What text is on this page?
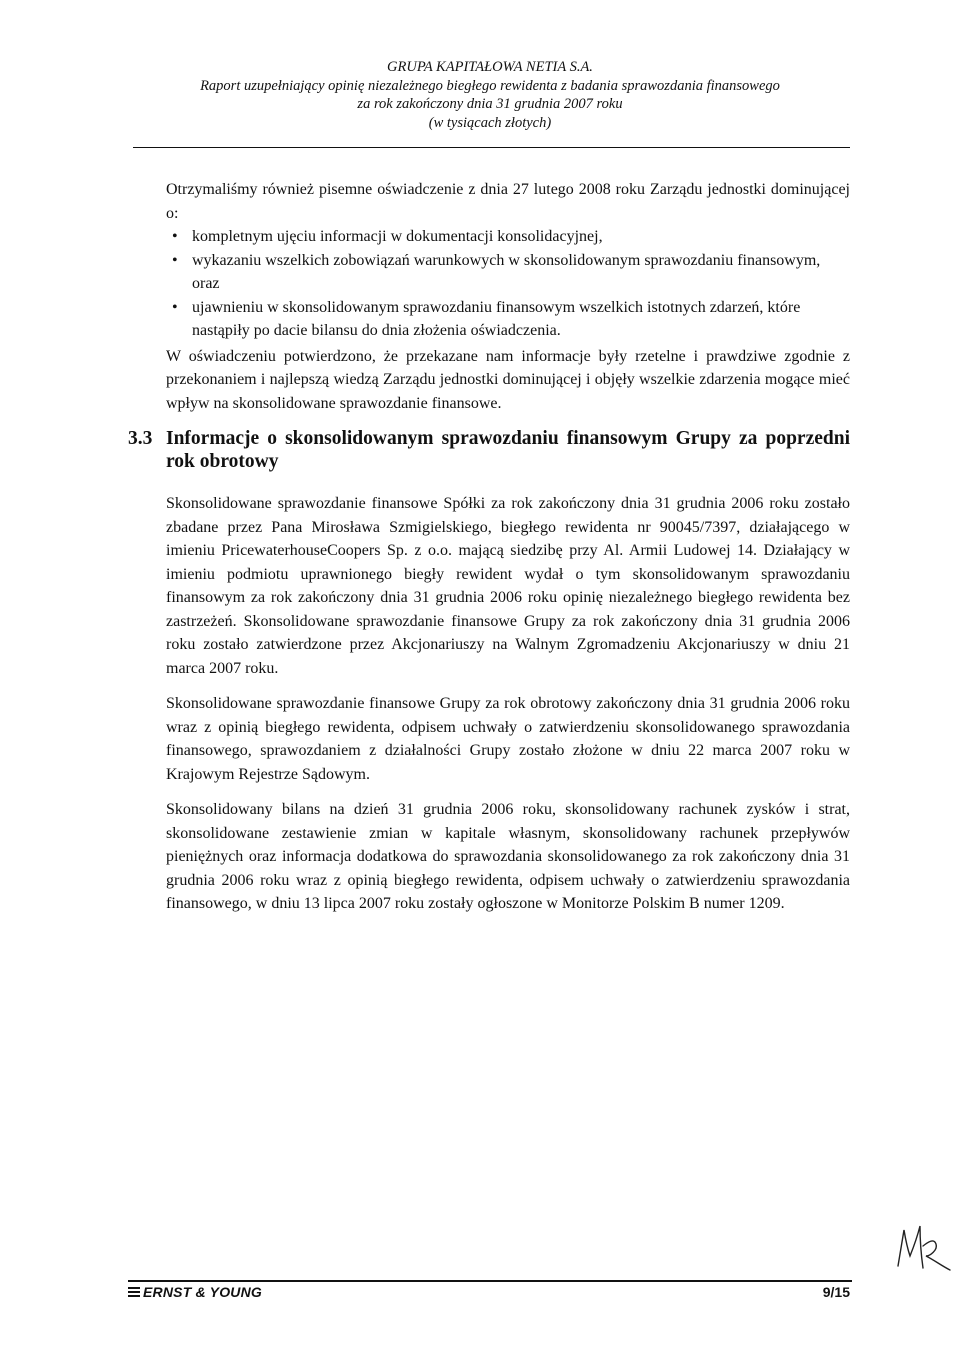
GRUPA KAPITAŁOWA NETIA S.A.
Raport uzupełniający opinię niezależnego biegłego rewidenta z badania sprawozdania finansowego
za rok zakończony dnia 31 grudnia 2007 roku
(w tysiącach złotych)

Otrzymaliśmy również pisemne oświadczenie z dnia 27 lutego 2008 roku Zarządu jednostki dominującej o:

• kompletnym ujęciu informacji w dokumentacji konsolidacyjnej,
• wykazaniu wszelkich zobowiązań warunkowych w skonsolidowanym sprawozdaniu finansowym, oraz
• ujawnieniu w skonsolidowanym sprawozdaniu finansowym wszelkich istotnych zdarzeń, które nastąpiły po dacie bilansu do dnia złożenia oświadczenia.

W oświadczeniu potwierdzono, że przekazane nam informacje były rzetelne i prawdziwe zgodnie z przekonaniem i najlepszą wiedzą Zarządu jednostki dominującej i objęły wszelkie zdarzenia mogące mieć wpływ na skonsolidowane sprawozdanie finansowe.

3.3 Informacje o skonsolidowanym sprawozdaniu finansowym Grupy za poprzedni rok obrotowy

Skonsolidowane sprawozdanie finansowe Spółki za rok zakończony dnia 31 grudnia 2006 roku zostało zbadane przez Pana Mirosława Szmigielskiego, biegłego rewidenta nr 90045/7397, działającego w imieniu PricewaterhouseCoopers Sp. z o.o. mającą siedzibę przy Al. Armii Ludowej 14. Działający w imieniu podmiotu uprawnionego biegły rewident wydał o tym skonsolidowanym sprawozdaniu finansowym za rok zakończony dnia 31 grudnia 2006 roku opinię niezależnego biegłego rewidenta bez zastrzeżeń. Skonsolidowane sprawozdanie finansowe Grupy za rok zakończony dnia 31 grudnia 2006 roku zostało zatwierdzone przez Akcjonariuszy na Walnym Zgromadzeniu Akcjonariuszy w dniu 21 marca 2007 roku.

Skonsolidowane sprawozdanie finansowe Grupy za rok obrotowy zakończony dnia 31 grudnia 2006 roku wraz z opinią biegłego rewidenta, odpisem uchwały o zatwierdzeniu skonsolidowanego sprawozdania finansowego, sprawozdaniem z działalności Grupy zostało złożone w dniu 22 marca 2007 roku w Krajowym Rejestrze Sądowym.

Skonsolidowany bilans na dzień 31 grudnia 2006 roku, skonsolidowany rachunek zysków i strat, skonsolidowane zestawienie zmian w kapitale własnym, skonsolidowany rachunek przepływów pieniężnych oraz informacja dodatkowa do sprawozdania skonsolidowanego za rok zakończony dnia 31 grudnia 2006 roku wraz z opinią biegłego rewidenta, odpisem uchwały o zatwierdzeniu sprawozdania finansowego, w dniu 13 lipca 2007 roku zostały ogłoszone w Monitorze Polskim B numer 1209.

ERNST & YOUNG	9/15
